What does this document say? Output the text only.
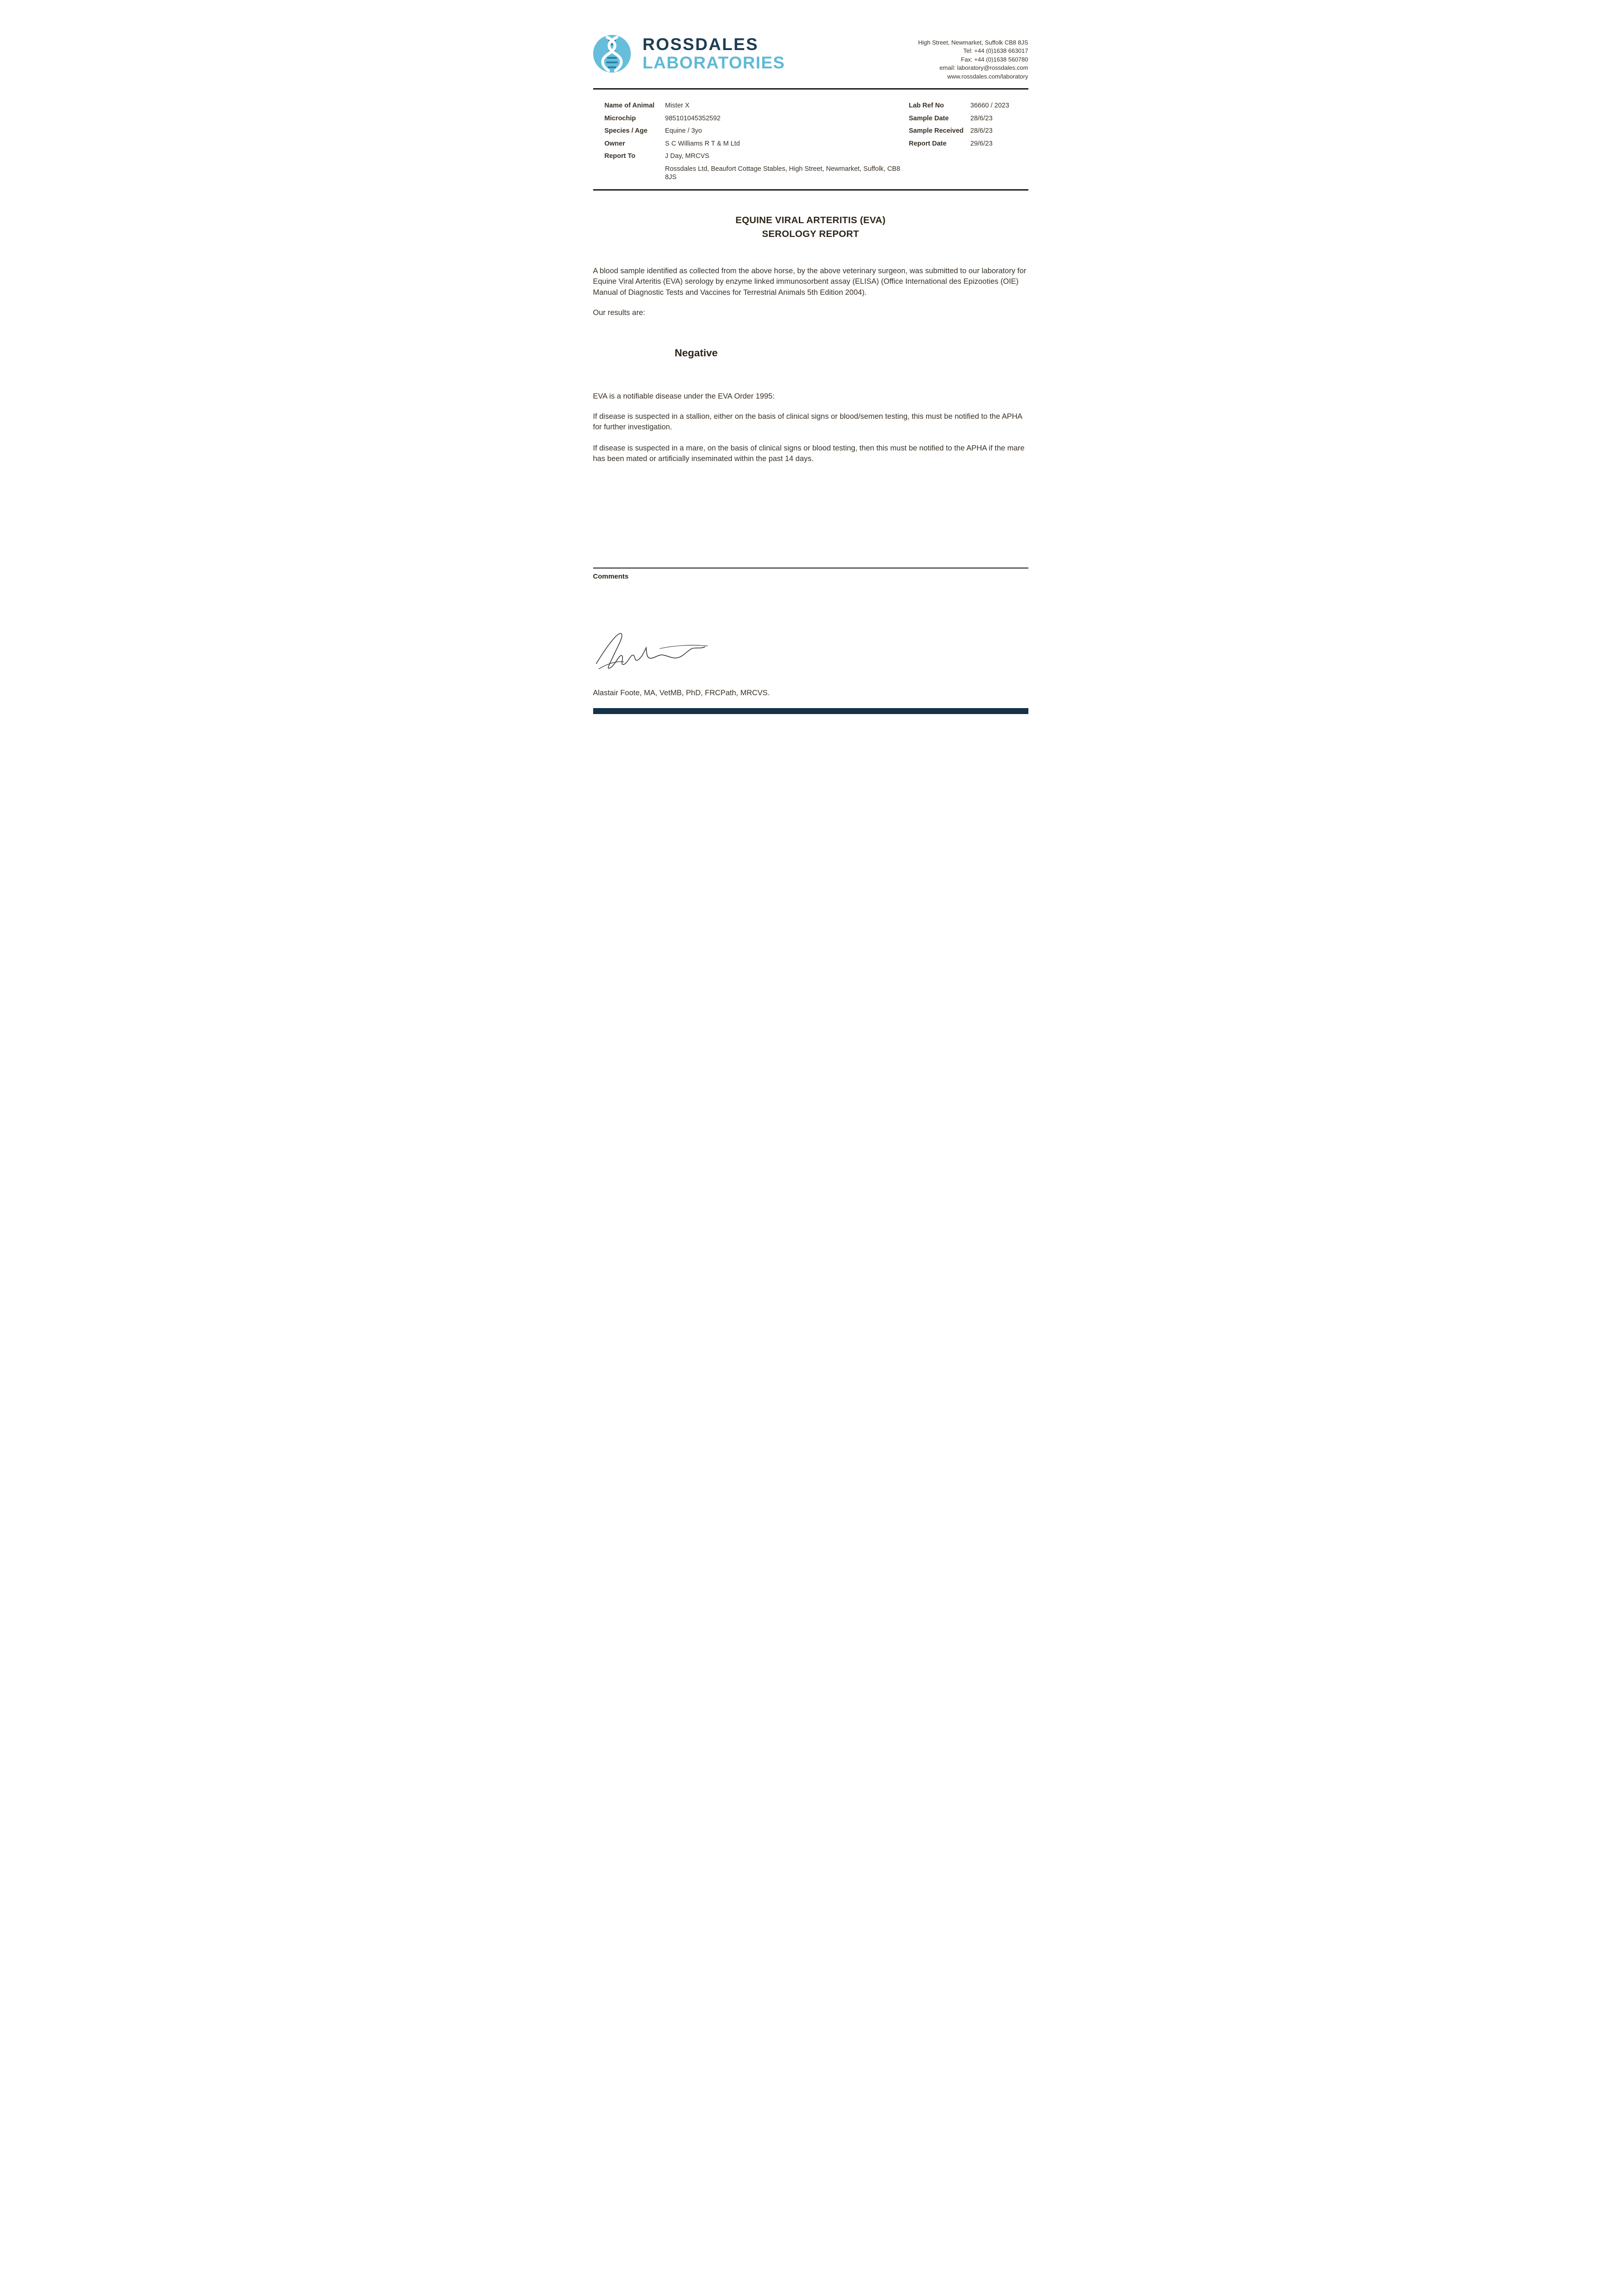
ROSSDALES
LABORATORIES
High Street, Newmarket, Suffolk CB8 8JS
Tel: +44 (0)1638 663017
Fax: +44 (0)1638 560780
email: laboratory@rossdales.com
www.rossdales.com/laboratory
Name of Animal	Mister X
Microchip	985101045352592
Species / Age	Equine / 3yo
Owner	S C Williams R T & M Ltd
Report To	J Day, MRCVS
Rossdales Ltd, Beaufort Cottage Stables, High Street, Newmarket, Suffolk, CB8 8JS
Lab Ref No	36660 / 2023
Sample Date	28/6/23
Sample Received	28/6/23
Report Date	29/6/23
EQUINE VIRAL ARTERITIS (EVA)
SEROLOGY REPORT

A blood sample identified as collected from the above horse, by the above veterinary surgeon, was submitted to our laboratory for Equine Viral Arteritis (EVA) serology by enzyme linked immunosorbent assay (ELISA) (Office International des Epizooties (OIE) Manual of Diagnostic Tests and Vaccines for Terrestrial Animals 5th Edition 2004).

Our results are:

Negative

EVA is a notifiable disease under the EVA Order 1995:

If disease is suspected in a stallion, either on the basis of clinical signs or blood/semen testing, this must be notified to the APHA for further investigation.

If disease is suspected in a mare, on the basis of clinical signs or blood testing, then this must be notified to the APHA if the mare has been mated or artificially inseminated within the past 14 days.

Comments
Alastair Foote, MA, VetMB, PhD, FRCPath, MRCVS.
